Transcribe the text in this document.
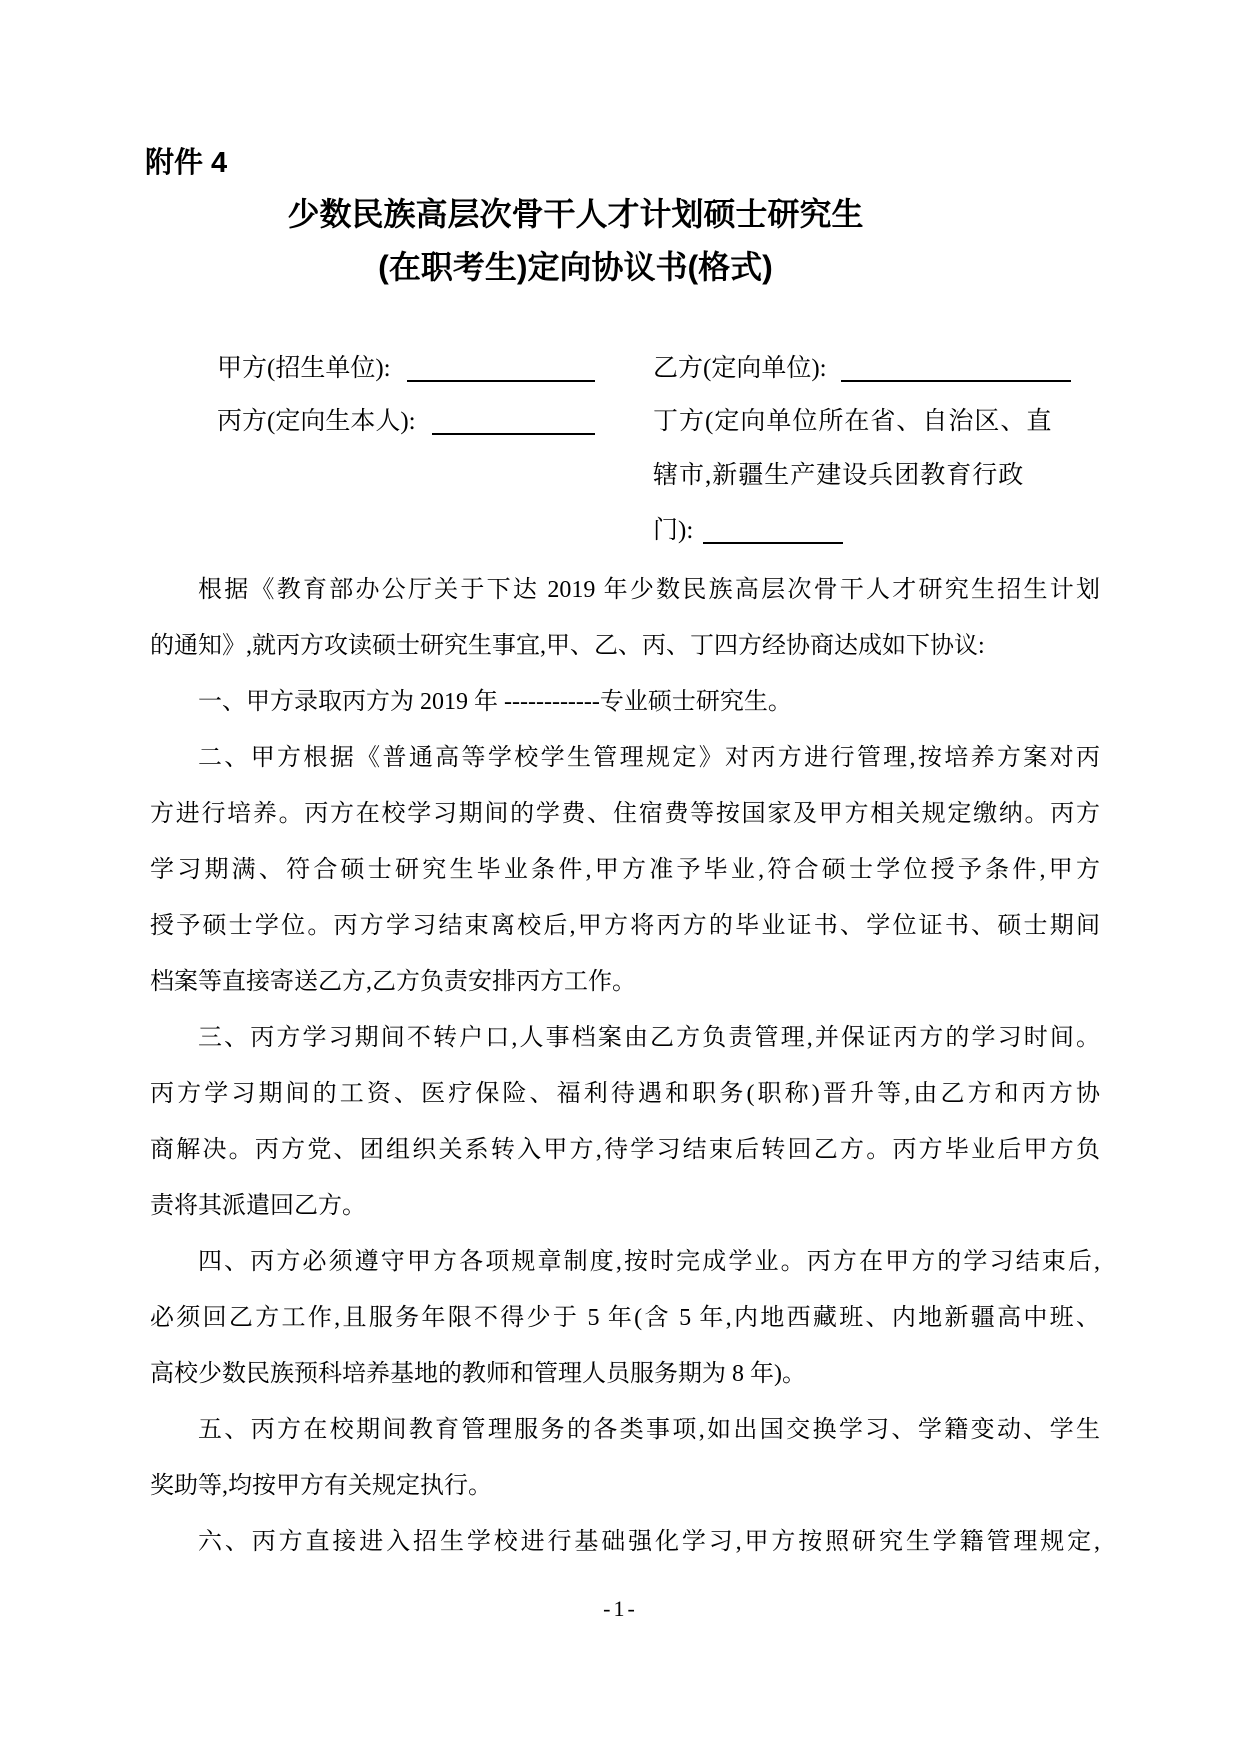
附件 4
少数民族高层次骨干人才计划硕士研究生
(在职考生)定向协议书(格式)
甲方(招生单位):	乙方(定向单位):
丙方(定向生本人):	丁方(定向单位所在省、自治区、直
辖市,新疆生产建设兵团教育行政
门):
根据《教育部办公厅关于下达 2019 年少数民族高层次骨干人才研究生招生计划
的通知》,就丙方攻读硕士研究生事宜,甲、乙、丙、丁四方经协商达成如下协议:
一、甲方录取丙方为 2019 年 ------------专业硕士研究生。
二、甲方根据《普通高等学校学生管理规定》对丙方进行管理,按培养方案对丙
方进行培养。丙方在校学习期间的学费、住宿费等按国家及甲方相关规定缴纳。丙方
学习期满、符合硕士研究生毕业条件,甲方准予毕业,符合硕士学位授予条件,甲方
授予硕士学位。丙方学习结束离校后,甲方将丙方的毕业证书、学位证书、硕士期间
档案等直接寄送乙方,乙方负责安排丙方工作。
三、丙方学习期间不转户口,人事档案由乙方负责管理,并保证丙方的学习时间。
丙方学习期间的工资、医疗保险、福利待遇和职务(职称)晋升等,由乙方和丙方协
商解决。丙方党、团组织关系转入甲方,待学习结束后转回乙方。丙方毕业后甲方负
责将其派遣回乙方。
四、丙方必须遵守甲方各项规章制度,按时完成学业。丙方在甲方的学习结束后,
必须回乙方工作,且服务年限不得少于 5 年(含 5 年,内地西藏班、内地新疆高中班、
高校少数民族预科培养基地的教师和管理人员服务期为 8 年)。
五、丙方在校期间教育管理服务的各类事项,如出国交换学习、学籍变动、学生
奖助等,均按甲方有关规定执行。
六、丙方直接进入招生学校进行基础强化学习,甲方按照研究生学籍管理规定,
-1-
